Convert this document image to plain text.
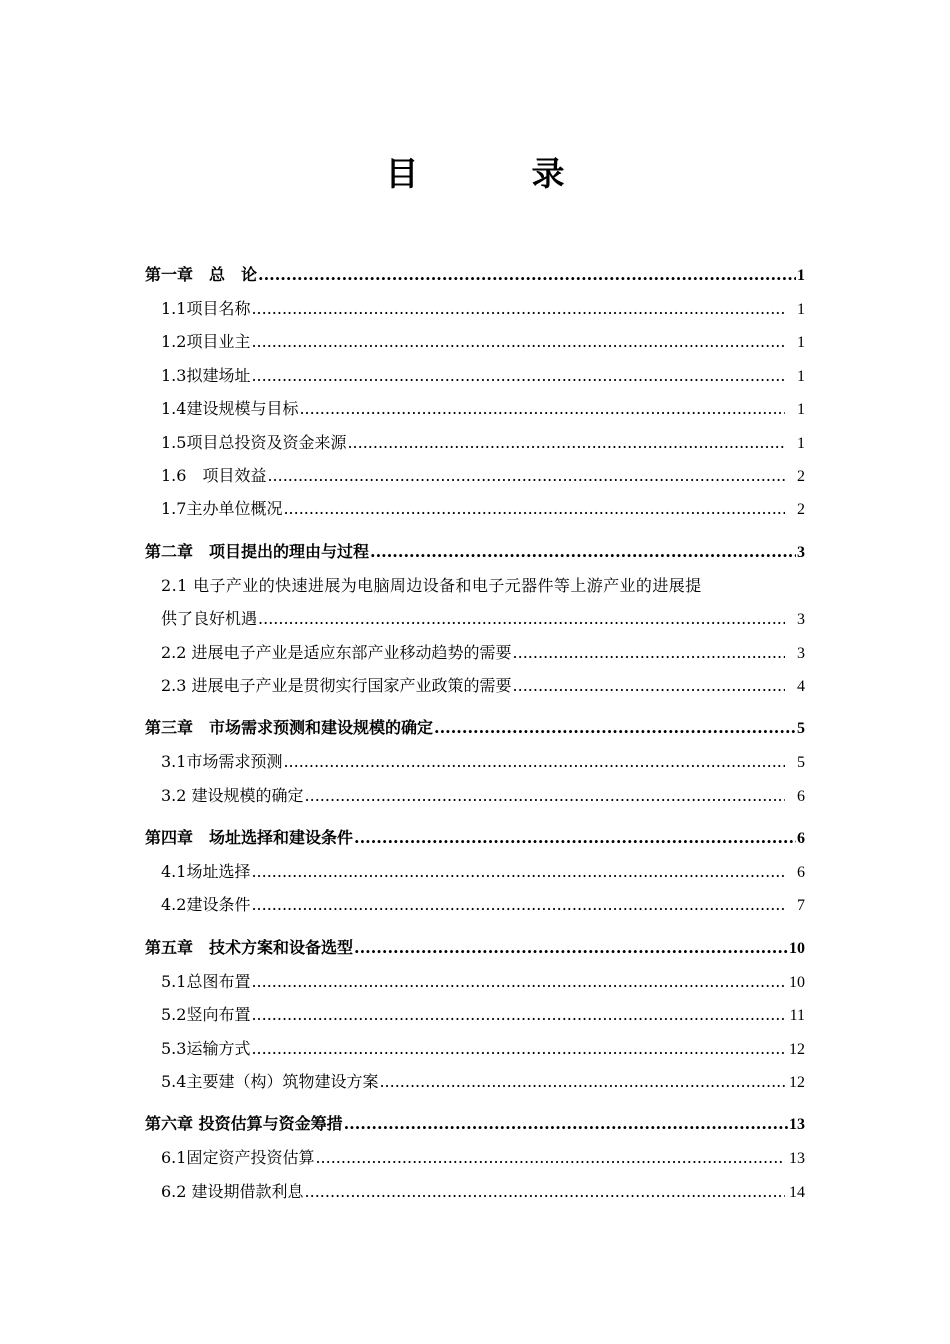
目　录
第一章　总　论 .....	1
1.1项目名称 .....	1
1.2项目业主 .....	1
1.3拟建场址 .....	1
1.4建设规模与目标 .....	1
1.5项目总投资及资金来源 .....	1
1.6　项目效益 .....	2
1.7主办单位概况 .....	2
第二章　项目提出的理由与过程 .....	3
2.1 电子产业的快速进展为电脑周边设备和电子元器件等上游产业的进展提
供了良好机遇 .....	3
2.2 进展电子产业是适应东部产业移动趋势的需要 .....	3
2.3 进展电子产业是贯彻实行国家产业政策的需要 .....	4
第三章　市场需求预测和建设规模的确定 .....	5
3.1市场需求预测 .....	5
3.2 建设规模的确定 .....	6
第四章　场址选择和建设条件 .....	6
4.1场址选择 .....	6
4.2建设条件 .....	7
第五章　技术方案和设备选型 .....	10
5.1总图布置 .....	10
5.2竖向布置 .....	11
5.3运输方式 .....	12
5.4主要建（构）筑物建设方案 .....	12
第六章 投资估算与资金筹措 .....	13
6.1固定资产投资估算 .....	13
6.2 建设期借款利息 .....	14
